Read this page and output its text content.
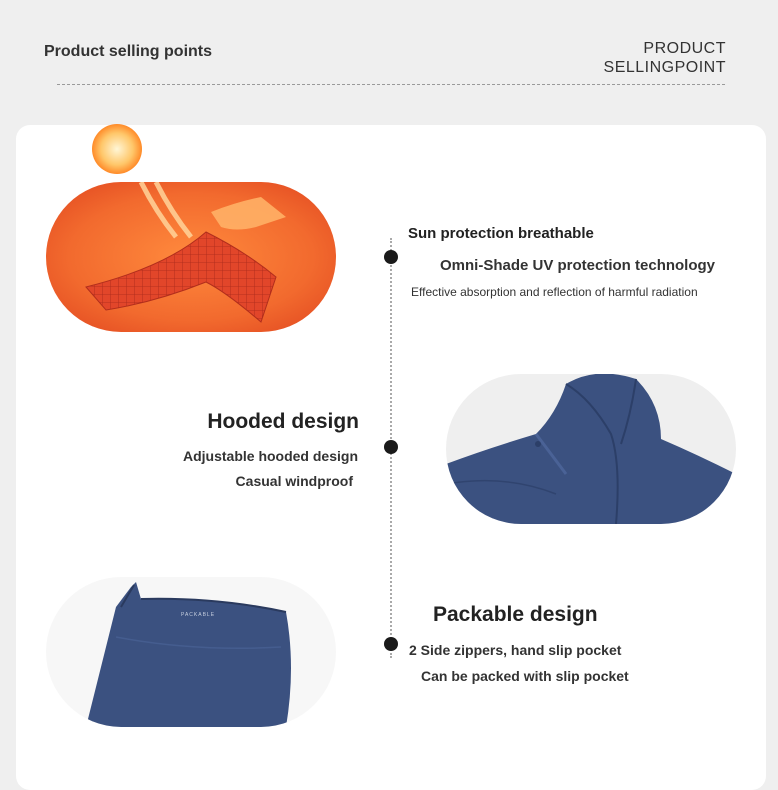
Product selling points	PRODUCT
SELLINGPOINT
Sun protection breathable
Omni-Shade UV protection technology
Effective absorption and reflection of harmful radiation
Hooded design
Adjustable hooded design
Casual windproof
PACKABLE	Packable design
2 Side zippers, hand slip pocket
Can be packed with slip pocket
